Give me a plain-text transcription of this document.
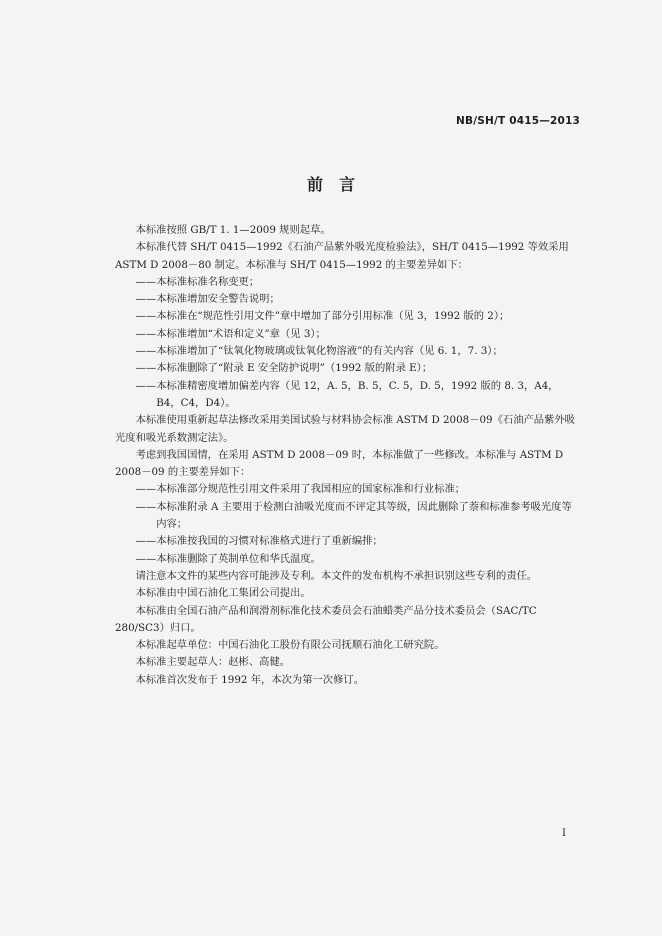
NB/SH/T 0415—2013
前　言

本标准按照 GB/T 1. 1—2009 规则起草。

本标准代替 SH/T 0415—1992《石油产品紫外吸光度检验法》，SH/T 0415—1992 等效采用 ASTM D 2008－80 制定。本标准与 SH/T 0415—1992 的主要差异如下：

——本标准标准名称变更；

——本标准增加安全警告说明；

——本标准在“规范性引用文件”章中增加了部分引用标准（见 3，1992 版的 2）；

——本标准增加“术语和定义”章（见 3）；

——本标准增加了“钛氧化物玻璃或钛氧化物溶液”的有关内容（见 6. 1，7. 3）；

——本标准删除了“附录 E 安全防护说明”（1992 版的附录 E）；

——本标准精密度增加偏差内容（见 12，A. 5，B. 5，C. 5，D. 5，1992 版的 8. 3，A4，B4，C4，D4）。

本标准使用重新起草法修改采用美国试验与材料协会标准 ASTM D 2008－09《石油产品紫外吸光度和吸光系数测定法》。

考虑到我国国情，在采用 ASTM D 2008－09 时，本标准做了一些修改。本标准与 ASTM D 2008－09 的主要差异如下：

——本标准部分规范性引用文件采用了我国相应的国家标准和行业标准；

——本标准附录 A 主要用于检测白油吸光度而不评定其等级，因此删除了萘和标准参考吸光度等内容；

——本标准按我国的习惯对标准格式进行了重新编排；

——本标准删除了英制单位和华氏温度。

请注意本文件的某些内容可能涉及专利。本文件的发布机构不承担识别这些专利的责任。

本标准由中国石油化工集团公司提出。

本标准由全国石油产品和润滑剂标准化技术委员会石油蜡类产品分技术委员会（SAC/TC 280/SC3）归口。

本标准起草单位：中国石油化工股份有限公司抚顺石油化工研究院。

本标准主要起草人：赵彬、高健。

本标准首次发布于 1992 年，本次为第一次修订。

I
